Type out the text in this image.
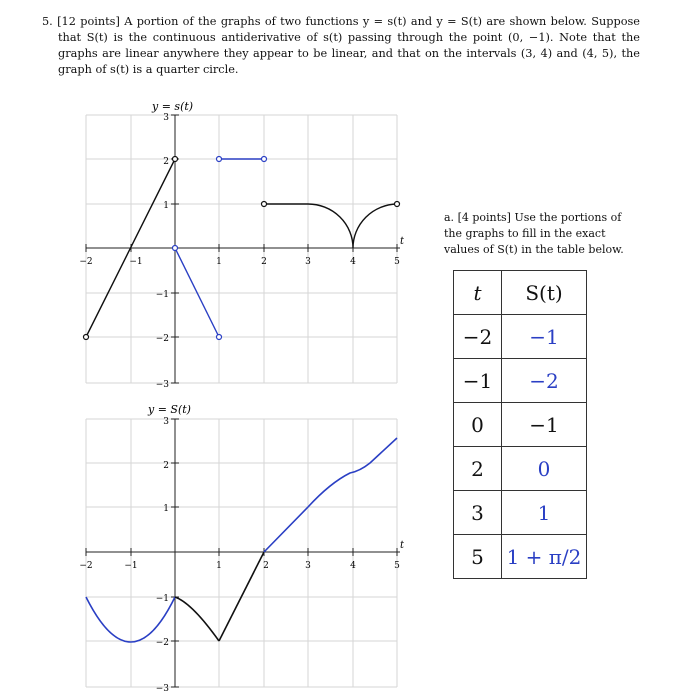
5. [12 points] A portion of the graphs of two functions y = s(t) and y = S(t) are shown below. Suppose that S(t) is the continuous antiderivative of s(t) passing through the point (0, −1). Note that the graphs are linear anywhere they appear to be linear, and that on the intervals (3, 4) and (4, 5), the graph of s(t) is a quarter circle.
y = s(t)
t
−2	−1	1	2	3	4	5
3
2
1
−1
−2
−3
y = S(t)
t
−2	−1	1	2	3	4	5
3
2
1
−1
−2
−3
a. [4 points] Use the portions of the graphs to fill in the exact values of S(t) in the table below.
t	S(t)
−2	−1
−1	−2
0	−1
2	0
3	1
5	1 + π/2
